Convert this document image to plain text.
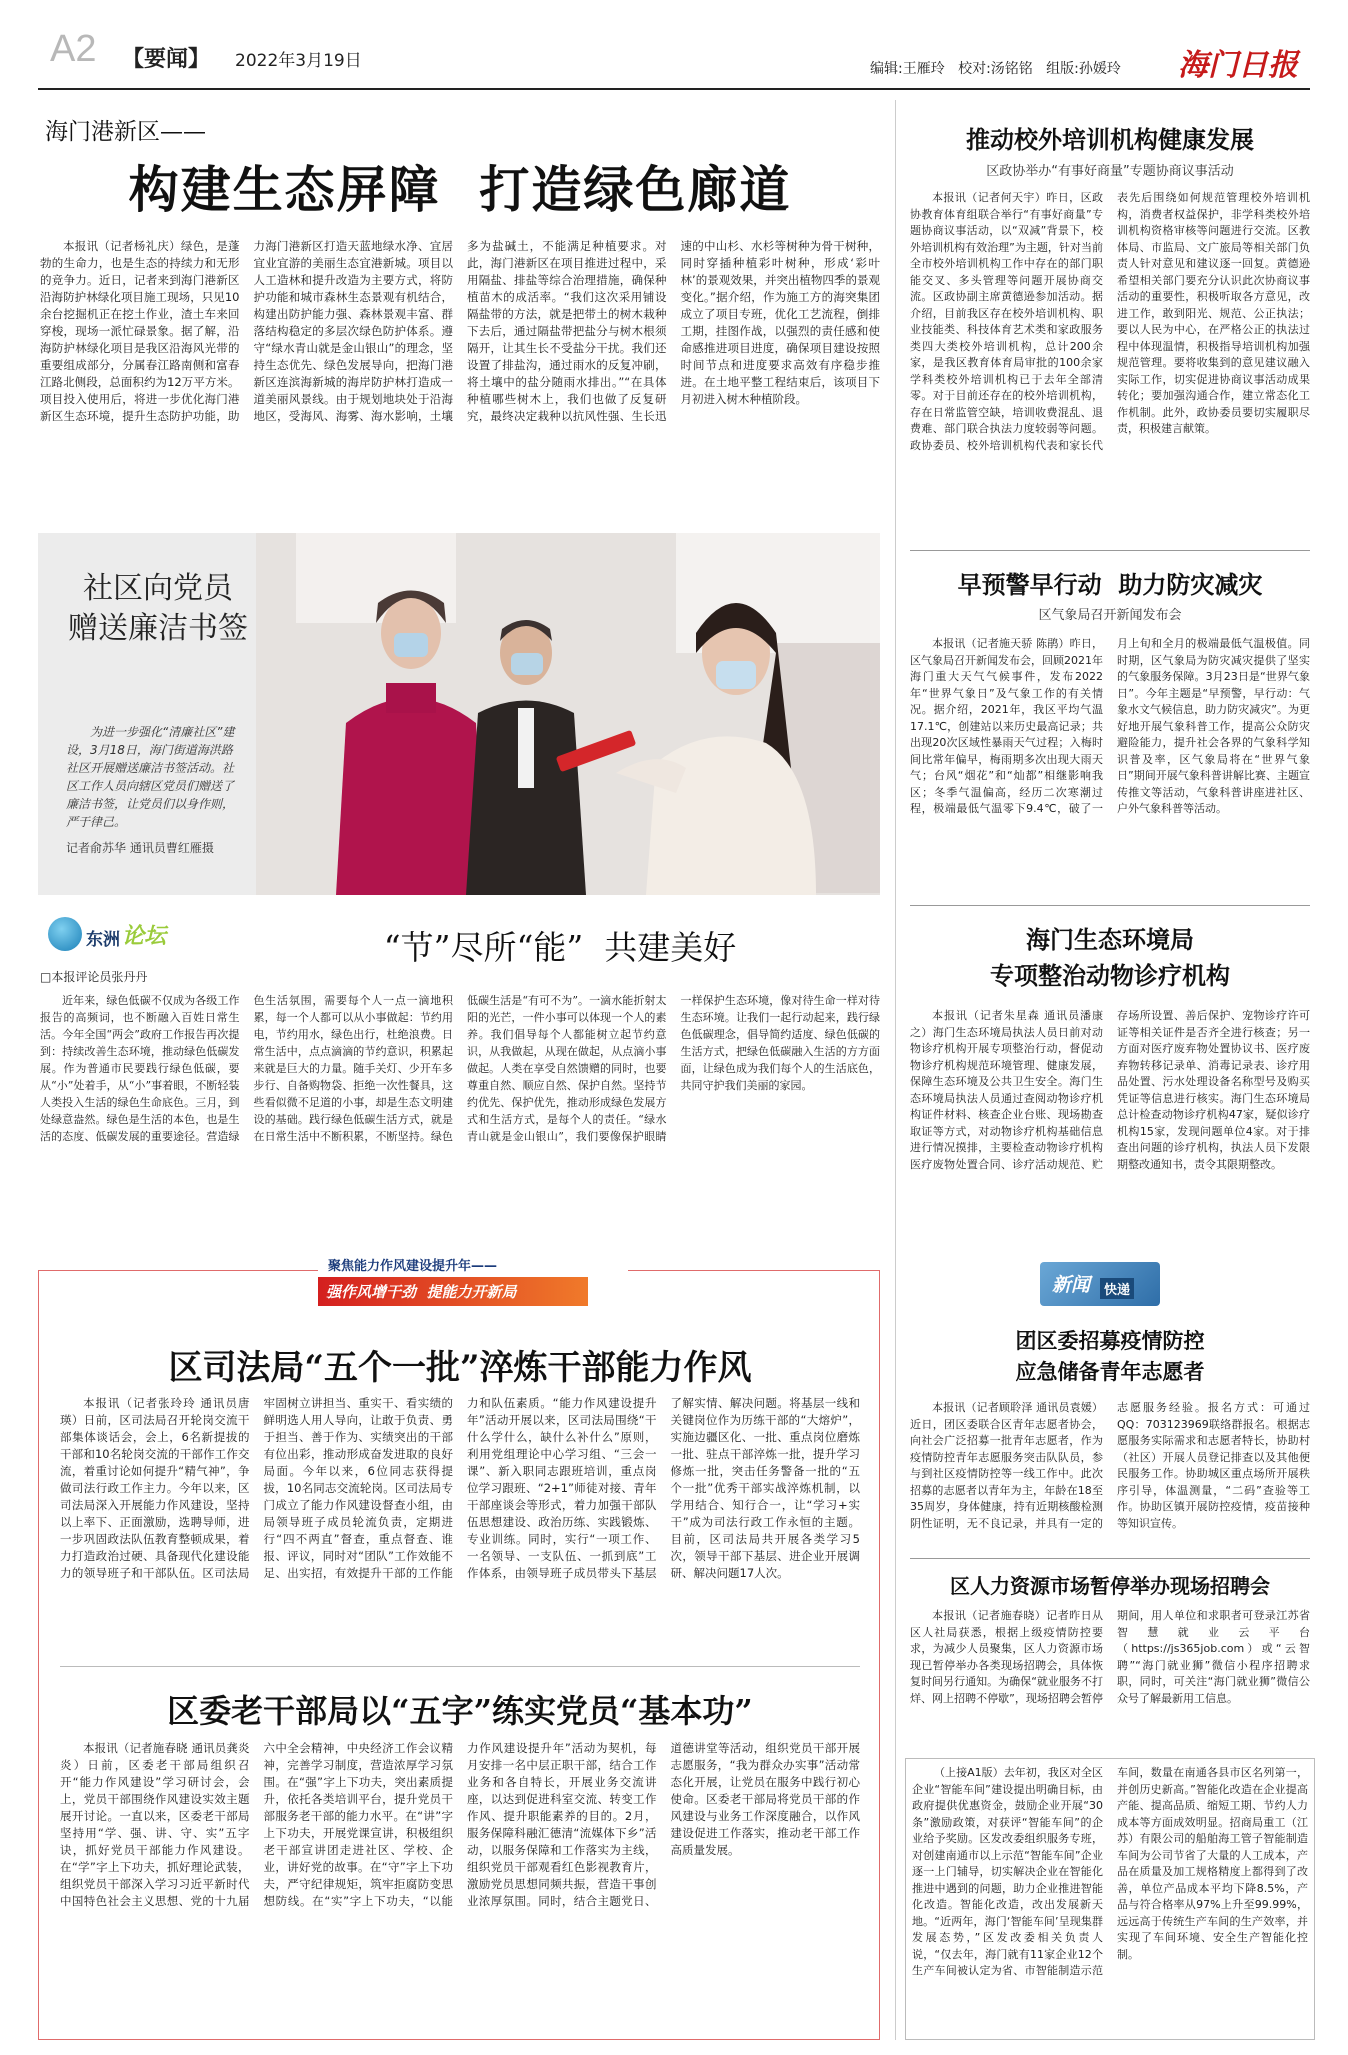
A2 【要闻】 2022年3月19日	编辑:王雁玲   校对:汤铭铭   组版:孙媛玲 海门日报
海门港新区——
构建生态屏障  打造绿色廊道

本报讯（记者杨礼庆）绿色，是蓬勃的生命力，也是生态的持续力和无形的竞争力。近日，记者来到海门港新区沿海防护林绿化项目施工现场，只见10余台挖掘机正在挖土作业，渣土车来回穿梭，现场一派忙碌景象。据了解，沿海防护林绿化项目是我区沿海风光带的重要组成部分，分属春江路南侧和富春江路北侧段，总面积约为12万平方米。项目投入使用后，将进一步优化海门港新区生态环境，提升生态防护功能，助力海门港新区打造天蓝地绿水净、宜居宜业宜游的美丽生态宜港新城。项目以人工造林和提升改造为主要方式，将防护功能和城市森林生态景观有机结合，构建出防护能力强、森林景观丰富、群落结构稳定的多层次绿色防护体系。遵守“绿水青山就是金山银山”的理念，坚持生态优先、绿色发展导向，把海门港新区连滨海新城的海岸防护林打造成一道美丽风景线。由于规划地块处于沿海地区，受海风、海雾、海水影响，土壤多为盐碱土，不能满足种植要求。对此，海门港新区在项目推进过程中，采用隔盐、排盐等综合治理措施，确保种植苗木的成活率。“我们这次采用铺设隔盐带的方法，就是把带土的树木栽种下去后，通过隔盐带把盐分与树木根须隔开，让其生长不受盐分干扰。我们还设置了排盐沟，通过雨水的反复冲刷，将土壤中的盐分随雨水排出。”“在具体种植哪些树木上，我们也做了反复研究，最终决定栽种以抗风性强、生长迅速的中山杉、水杉等树种为骨干树种，同时穿插种植彩叶树种，形成‘彩叶林’的景观效果，并突出植物四季的景观变化。”据介绍，作为施工方的海突集团成立了项目专班，优化工艺流程，倒排工期，挂图作战，以强烈的责任感和使命感推进项目进度，确保项目建设按照时间节点和进度要求高效有序稳步推进。在土地平整工程结束后，该项目下月初进入树木种植阶段。

社区向党员
赠送廉洁书签
为进一步强化“清廉社区”建设，3月18日，海门街道海洪路社区开展赠送廉洁书签活动。社区工作人员向辖区党员们赠送了廉洁书签，让党员们以身作则，严于律己。
记者俞苏华 通讯员曹红雁摄
东洲 论坛
□本报评论员张丹丹
“节”尽所“能”  共建美好

近年来，绿色低碳不仅成为各级工作报告的高频词，也不断融入百姓日常生活。今年全国“两会”政府工作报告再次提到：持续改善生态环境，推动绿色低碳发展。作为普通市民要践行绿色低碳，要从“小”处着手，从“小”事着眼，不断轻装人类投入生活的绿色生命底色。三月，到处绿意盎然。绿色是生活的本色，也是生活的态度、低碳发展的重要途径。营造绿色生活氛围，需要每个人一点一滴地积累，每一个人都可以从小事做起：节约用电，节约用水，绿色出行，杜绝浪费。日常生活中，点点滴滴的节约意识，积累起来就是巨大的力量。随手关灯、少开车多步行、自备购物袋、拒绝一次性餐具，这些看似微不足道的小事，却是生态文明建设的基础。践行绿色低碳生活方式，就是在日常生活中不断积累，不断坚持。绿色低碳生活是“有可不为”。一滴水能折射太阳的光芒，一件小事可以体现一个人的素养。我们倡导每个人都能树立起节约意识，从我做起，从现在做起，从点滴小事做起。人类在享受自然馈赠的同时，也要尊重自然、顺应自然、保护自然。坚持节约优先、保护优先，推动形成绿色发展方式和生活方式，是每个人的责任。“绿水青山就是金山银山”，我们要像保护眼睛一样保护生态环境，像对待生命一样对待生态环境。让我们一起行动起来，践行绿色低碳理念，倡导简约适度、绿色低碳的生活方式，把绿色低碳融入生活的方方面面，让绿色成为我们每个人的生活底色，共同守护我们美丽的家园。

聚焦能力作风建设提升年——
强作风增干劲  提能力开新局
区司法局“五个一批”淬炼干部能力作风

本报讯（记者张玲玲 通讯员唐瑛）日前，区司法局召开轮岗交流干部集体谈话会，会上，6名新提拔的干部和10名轮岗交流的干部作工作交流，着重讨论如何提升“精气神”，争做司法行政工作主力。今年以来，区司法局深入开展能力作风建设，坚持以上率下、正面激励，选聘导师，进一步巩固政法队伍教育整顿成果，着力打造政治过硬、具备现代化建设能力的领导班子和干部队伍。区司法局牢固树立讲担当、重实干、看实绩的鲜明选人用人导向，让敢于负责、勇于担当、善于作为、实绩突出的干部有位出彩，推动形成奋发进取的良好局面。今年以来，6位同志获得提拔，10名同志交流轮岗。区司法局专门成立了能力作风建设督查小组，由局领导班子成员轮流负责，定期进行“四不两直”督查，重点督查、谁报、评议，同时对“团队”工作效能不足、出实招，有效提升干部的工作能力和队伍素质。“能力作风建设提升年”活动开展以来，区司法局围绕“干什么学什么，缺什么补什么”原则，利用党组理论中心学习组、“三会一课”、新入职同志跟班培训，重点岗位学习跟班、“2+1”师徒对接、青年干部座谈会等形式，着力加强干部队伍思想建设、政治历练、实践锻炼、专业训练。同时，实行“一项工作、一名领导、一支队伍、一抓到底”工作体系，由领导班子成员带头下基层了解实情、解决问题。将基层一线和关键岗位作为历练干部的“大熔炉”，实施边疆区化、一批、重点岗位磨炼一批、驻点干部淬炼一批，提升学习修炼一批，突击任务警备一批的“五个一批”优秀干部实战淬炼机制，以学用结合、知行合一，让“学习+实干”成为司法行政工作永恒的主题。目前，区司法局共开展各类学习5次，领导干部下基层、进企业开展调研、解决问题17人次。

区委老干部局以“五字”练实党员“基本功”

本报讯（记者施春晓 通讯员龚炎炎）日前，区委老干部局组织召开“能力作风建设”学习研讨会，会上，党员干部围绕作风建设实效主题展开讨论。一直以来，区委老干部局坚持用“学、强、讲、守、实”五字诀，抓好党员干部能力作风建设。在“学”字上下功夫，抓好理论武装，组织党员干部深入学习习近平新时代中国特色社会主义思想、党的十九届六中全会精神，中央经济工作会议精神，完善学习制度，营造浓厚学习氛围。在“强”字上下功夫，突出素质提升，依托各类培训平台，提升党员干部服务老干部的能力水平。在“讲”字上下功夫，开展党课宣讲，积极组织老干部宣讲团走进社区、学校、企业，讲好党的故事。在“守”字上下功夫，严守纪律规矩，筑牢拒腐防变思想防线。在“实”字上下功夫，“以能力作风建设提升年”活动为契机，每月安排一名中层正职干部，结合工作业务和各自特长，开展业务交流讲座，以达到促进科室交流、转变工作作风、提升职能素养的目的。2月，服务保障科融汇德清“流媒体下乡”活动，以服务保障和工作落实为主线，组织党员干部观看红色影视教育片，激励党员思想同频共振，营造干事创业浓厚氛围。同时，结合主题党日、道德讲堂等活动，组织党员干部开展志愿服务，“我为群众办实事”活动常态化开展，让党员在服务中践行初心使命。区委老干部局将党员干部的作风建设与业务工作深度融合，以作风建设促进工作落实，推动老干部工作高质量发展。

推动校外培训机构健康发展
区政协举办“有事好商量”专题协商议事活动

本报讯（记者何天宇）昨日，区政协教育体育组联合举行“有事好商量”专题协商议事活动，以“双减”背景下，校外培训机构有效治理”为主题，针对当前全市校外培训机构工作中存在的部门职能交叉、多头管理等问题开展协商交流。区政协副主席黄德逊参加活动。据介绍，目前我区存在校外培训机构、职业技能类、科技体育艺术类和家政服务类四大类校外培训机构，总计200余家，是我区教育体育局审批的100余家学科类校外培训机构已于去年全部清零。对于目前还存在的校外培训机构，存在日常监管空缺，培训收费混乱、退费难、部门联合执法力度较弱等问题。政协委员、校外培训机构代表和家长代表先后围绕如何规范管理校外培训机构，消费者权益保护，非学科类校外培训机构资格审核等问题进行交流。区教体局、市监局、文广旅局等相关部门负责人针对意见和建议逐一回复。黄德逊希望相关部门要充分认识此次协商议事活动的重要性，积极听取各方意见，改进工作，敢到阳光、规范、公正执法；要以人民为中心，在严格公正的执法过程中体现温情，积极指导培训机构加强规范管理。要将收集到的意见建议融入实际工作，切实促进协商议事活动成果转化；要加强沟通合作，建立常态化工作机制。此外，政协委员要切实履职尽责，积极建言献策。

早预警早行动  助力防灾减灾
区气象局召开新闻发布会

本报讯（记者施天骄 陈鹃）昨日，区气象局召开新闻发布会，回顾2021年海门重大天气气候事件，发布2022年“世界气象日”及气象工作的有关情况。据介绍，2021年，我区平均气温17.1℃，创建站以来历史最高记录；共出现20次区域性暴雨天气过程；入梅时间比常年偏早，梅雨期多次出现大雨天气；台风“烟花”和“灿都”相继影响我区；冬季气温偏高，经历二次寒潮过程，极端最低气温零下9.4℃，破了一月上旬和全月的极端最低气温极值。同时期，区气象局为防灾减灾提供了坚实的气象服务保障。3月23日是“世界气象日”。今年主题是“早预警，早行动：气象水文气候信息，助力防灾减灾”。为更好地开展气象科普工作，提高公众防灾避险能力，提升社会各界的气象科学知识普及率，区气象局将在“世界气象日”期间开展气象科普讲解比赛、主题宣传推文等活动，气象科普讲座进社区、户外气象科普等活动。

海门生态环境局
专项整治动物诊疗机构

本报讯（记者朱星森 通讯员潘康之）海门生态环境局执法人员日前对动物诊疗机构开展专项整治行动，督促动物诊疗机构规范环境管理、健康发展，保障生态环境及公共卫生安全。海门生态环境局执法人员通过查阅动物诊疗机构证件材料、核查企业台账、现场勘查取证等方式，对动物诊疗机构基础信息进行情况摸排，主要检查动物诊疗机构医疗废物处置合同、诊疗活动规范、贮存场所设置、善后保护、宠物诊疗许可证等相关证件是否齐全进行核查；另一方面对医疗废弃物处置协议书、医疗废弃物转移记录单、消毒记录表、诊疗用品处置、污水处理设备名称型号及购买凭证等信息进行核实。海门生态环境局总计检查动物诊疗机构47家，疑似诊疗机构15家，发现问题单位4家。对于排查出问题的诊疗机构，执法人员下发限期整改通知书，责令其限期整改。

新闻	快递
团区委招募疫情防控
应急储备青年志愿者

本报讯（记者顾聆泽 通讯员袁媛）近日，团区委联合区青年志愿者协会，向社会广泛招募一批青年志愿者，作为疫情防控青年志愿服务突击队队员，参与到社区疫情防控等一线工作中。此次招募的志愿者以青年为主，年龄在18至35周岁，身体健康，持有近期核酸检测阴性证明，无不良记录，并具有一定的志愿服务经验。报名方式：可通过QQ：703123969联络群报名。根据志愿服务实际需求和志愿者特长，协助村（社区）开展人员登记排查以及其他便民服务工作。协助城区重点场所开展秩序引导，体温测量，“二码”查验等工作。协助区镇开展防控疫情，疫苗接种等知识宣传。

区人力资源市场暂停举办现场招聘会

本报讯（记者施春晓）记者昨日从区人社局获悉，根据上级疫情防控要求，为减少人员聚集，区人力资源市场现已暂停举办各类现场招聘会，具体恢复时间另行通知。为确保“就业服务不打烊、网上招聘不停歇”，现场招聘会暂停期间，用人单位和求职者可登录江苏省智慧就业云平台（https://js365job.com）或“云智聘”“海门就业狮”微信小程序招聘求职，同时，可关注“海门就业狮”微信公众号了解最新用工信息。

（上接A1版）去年初，我区对全区企业“智能车间”建设提出明确目标，由政府提供优惠资金，鼓励企业开展“30条”激励政策，对获评“智能车间”的企业给予奖励。区发改委组织服务专班，对创建南通市以上示范“智能车间”企业逐一上门辅导，切实解决企业在智能化推进中遇到的问题，助力企业推进智能化改造。智能化改造，改出发展新天地。“近两年，海门‘智能车间’呈现集群发展态势，”区发改委相关负责人说，“仅去年，海门就有11家企业12个生产车间被认定为省、市智能制造示范车间，数量在南通各县市区名列第一，并创历史新高。”智能化改造在企业提高产能、提高品质、缩短工期、节约人力成本等方面成效明显。招商局重工（江苏）有限公司的船舶海工管子智能制造车间为公司节省了大量的人工成本，产品在质量及加工规格精度上都得到了改善，单位产品成本平均下降8.5%，产品与符合格率从97%上升至99.99%，远远高于传统生产车间的生产效率，并实现了车间环境、安全生产智能化控制。
